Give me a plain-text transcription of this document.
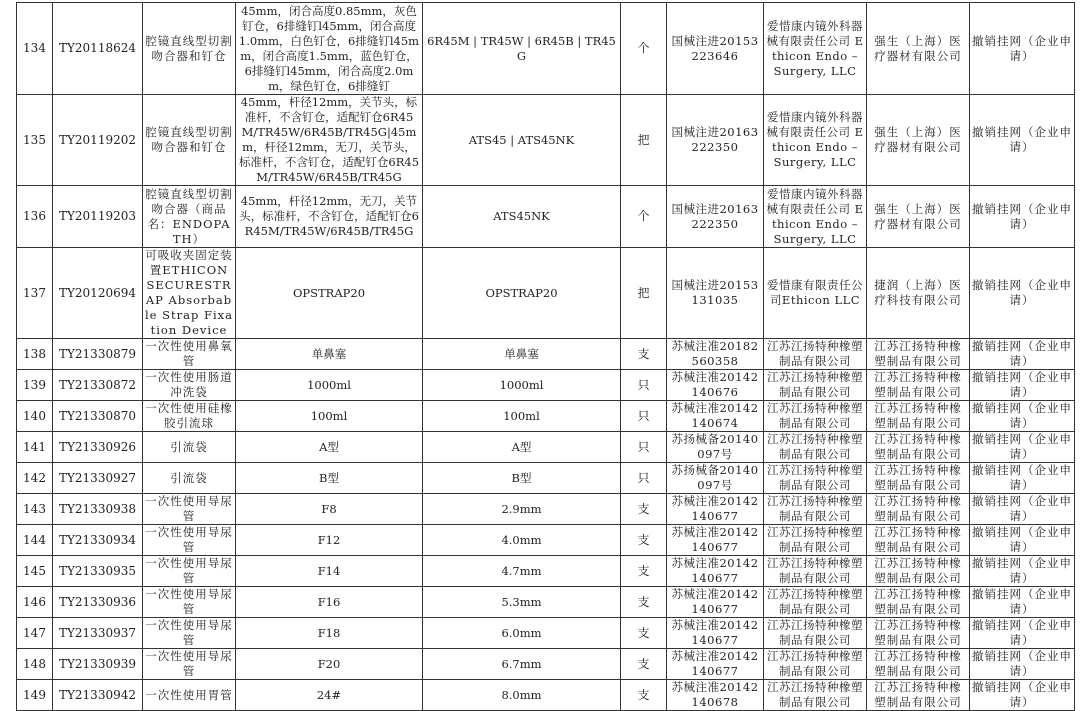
134	TY20118624	腔镜直线型切割吻合器和钉仓	45mm，闭合高度0.85mm，灰色钉仓，6排缝钉l45mm，闭合高度1.0mm，白色钉仓，6排缝钉l45mm，闭合高度1.5mm，蓝色钉仓，6排缝钉l45mm，闭合高度2.0mm，绿色钉仓，6排缝钉	6R45M | TR45W | 6R45B | TR45G	个	国械注进20153223646	爱惜康内镜外科器械有限责任公司 Ethicon Endo – Surgery, LLC	强生（上海）医疗器材有限公司	撤销挂网（企业申请）
135	TY20119202	腔镜直线型切割吻合器和钉仓	45mm，杆径12mm，关节头，标准杆，不含钉仓，适配钉仓6R45M/TR45W/6R45B/TR45G|45mm，杆径12mm，无刀，关节头，标准杆，不含钉仓，适配钉仓6R45M/TR45W/6R45B/TR45G	ATS45 | ATS45NK	把	国械注进20163222350	爱惜康内镜外科器械有限责任公司 Ethicon Endo – Surgery, LLC	强生（上海）医疗器材有限公司	撤销挂网（企业申请）
136	TY20119203	腔镜直线型切割吻合器（商品名：ENDOPATH）	45mm，杆径12mm，无刀，关节头，标准杆，不含钉仓，适配钉仓6R45M/TR45W/6R45B/TR45G	ATS45NK	个	国械注进20163222350	爱惜康内镜外科器械有限责任公司 Ethicon Endo – Surgery, LLC	强生（上海）医疗器材有限公司	撤销挂网（企业申请）
137	TY20120694	可吸收夹固定装置ETHICON SECURESTRAP Absorbable Strap Fixation Device	OPSTRAP20	OPSTRAP20	把	国械注进20153131035	爱惜康有限责任公司Ethicon LLC	捷润（上海）医疗科技有限公司	撤销挂网（企业申请）
138	TY21330879	一次性使用鼻氧管	单鼻塞	单鼻塞	支	苏械注准20182560358	江苏江扬特种橡塑制品有限公司	江苏江扬特种橡塑制品有限公司	撤销挂网（企业申请）
139	TY21330872	一次性使用肠道冲洗袋	1000ml	1000ml	只	苏械注准20142140676	江苏江扬特种橡塑制品有限公司	江苏江扬特种橡塑制品有限公司	撤销挂网（企业申请）
140	TY21330870	一次性使用硅橡胶引流球	100ml	100ml	只	苏械注准20142140674	江苏江扬特种橡塑制品有限公司	江苏江扬特种橡塑制品有限公司	撤销挂网（企业申请）
141	TY21330926	引流袋	A型	A型	只	苏扬械备20140097号	江苏江扬特种橡塑制品有限公司	江苏江扬特种橡塑制品有限公司	撤销挂网（企业申请）
142	TY21330927	引流袋	B型	B型	只	苏扬械备20140097号	江苏江扬特种橡塑制品有限公司	江苏江扬特种橡塑制品有限公司	撤销挂网（企业申请）
143	TY21330938	一次性使用导尿管	F8	2.9mm	支	苏械注准20142140677	江苏江扬特种橡塑制品有限公司	江苏江扬特种橡塑制品有限公司	撤销挂网（企业申请）
144	TY21330934	一次性使用导尿管	F12	4.0mm	支	苏械注准20142140677	江苏江扬特种橡塑制品有限公司	江苏江扬特种橡塑制品有限公司	撤销挂网（企业申请）
145	TY21330935	一次性使用导尿管	F14	4.7mm	支	苏械注准20142140677	江苏江扬特种橡塑制品有限公司	江苏江扬特种橡塑制品有限公司	撤销挂网（企业申请）
146	TY21330936	一次性使用导尿管	F16	5.3mm	支	苏械注准20142140677	江苏江扬特种橡塑制品有限公司	江苏江扬特种橡塑制品有限公司	撤销挂网（企业申请）
147	TY21330937	一次性使用导尿管	F18	6.0mm	支	苏械注准20142140677	江苏江扬特种橡塑制品有限公司	江苏江扬特种橡塑制品有限公司	撤销挂网（企业申请）
148	TY21330939	一次性使用导尿管	F20	6.7mm	支	苏械注准20142140677	江苏江扬特种橡塑制品有限公司	江苏江扬特种橡塑制品有限公司	撤销挂网（企业申请）
149	TY21330942	一次性使用胃管	24#	8.0mm	支	苏械注准20142140678	江苏江扬特种橡塑制品有限公司	江苏江扬特种橡塑制品有限公司	撤销挂网（企业申请）
